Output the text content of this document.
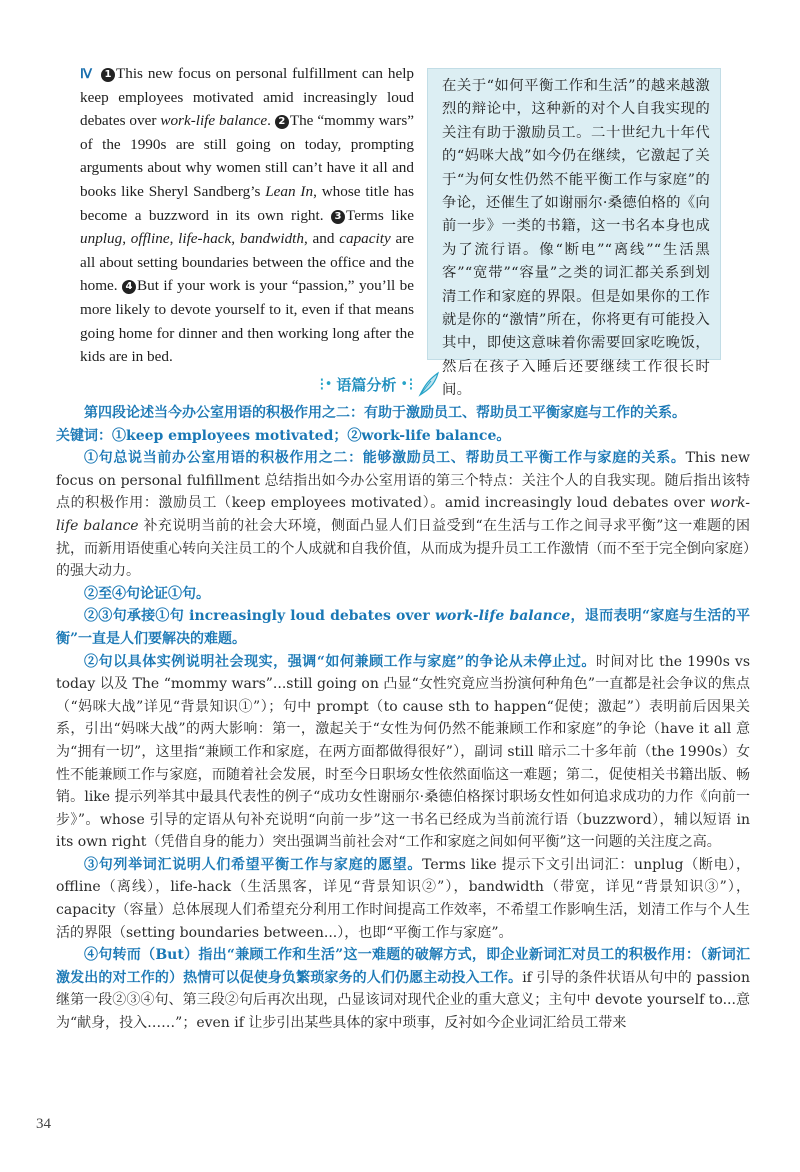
Ⅳ 1 This new focus on personal fulfillment can help keep employees motivated amid increasingly loud debates over work-life balance. 2 The “mommy wars” of the 1990s are still going on today, prompting arguments about why women still can’t have it all and books like Sheryl Sandberg’s Lean In, whose title has become a buzzword in its own right. 3 Terms like unplug, offline, life-hack, bandwidth, and capacity are all about setting boundaries between the office and the home. 4 But if your work is your “passion,” you’ll be more likely to devote yourself to it, even if that means going home for dinner and then working long after the kids are in bed.
在关于“如何平衡工作和生活”的越来越激烈的辩论中，这种新的对个人自我实现的关注有助于激励员工。二十世纪九十年代的“妈咪大战”如今仍在继续，它激起了关于“为何女性仍然不能平衡工作与家庭”的争论，还催生了如谢丽尔·桑德伯格的《向前一步》一类的书籍，这一书名本身也成为了流行语。像“断电”“离线”“生活黑客”“宽带”“容量”之类的词汇都关系到划清工作和家庭的界限。但是如果你的工作就是你的“激情”所在，你将更有可能投入其中，即使这意味着你需要回家吃晚饭，然后在孩子入睡后还要继续工作很长时间。
⁝ • 语篇分析 • ⁝

第四段论述当今办公室用语的积极作用之二：有助于激励员工、帮助员工平衡家庭与工作的关系。

关键词：①keep employees motivated；②work-life balance。

①句总说当前办公室用语的积极作用之二：能够激励员工、帮助员工平衡工作与家庭的关系。This new focus on personal fulfillment 总结指出如今办公室用语的第三个特点：关注个人的自我实现。随后指出该特点的积极作用：激励员工（keep employees motivated）。amid increasingly loud debates over work-life balance 补充说明当前的社会大环境，侧面凸显人们日益受到“在生活与工作之间寻求平衡”这一难题的困扰，而新用语使重心转向关注员工的个人成就和自我价值，从而成为提升员工工作激情（而不至于完全倒向家庭）的强大动力。

②至④句论证①句。

②③句承接①句 increasingly loud debates over work-life balance，退而表明“家庭与生活的平衡”一直是人们要解决的难题。

②句以具体实例说明社会现实，强调“如何兼顾工作与家庭”的争论从未停止过。时间对比 the 1990s vs today 以及 The “mommy wars”...still going on 凸显“女性究竟应当扮演何种角色”一直都是社会争议的焦点（“妈咪大战”详见“背景知识①”）；句中 prompt（to cause sth to happen“促使；激起”）表明前后因果关系，引出“妈咪大战”的两大影响：第一，激起关于“女性为何仍然不能兼顾工作和家庭”的争论（have it all 意为“拥有一切”，这里指“兼顾工作和家庭，在两方面都做得很好”），副词 still 暗示二十多年前（the 1990s）女性不能兼顾工作与家庭，而随着社会发展，时至今日职场女性依然面临这一难题；第二，促使相关书籍出版、畅销。like 提示列举其中最具代表性的例子“成功女性谢丽尔·桑德伯格探讨职场女性如何追求成功的力作《向前一步》”。whose 引导的定语从句补充说明“向前一步”这一书名已经成为当前流行语（buzzword），辅以短语 in its own right（凭借自身的能力）突出强调当前社会对“工作和家庭之间如何平衡”这一问题的关注度之高。

③句列举词汇说明人们希望平衡工作与家庭的愿望。Terms like 提示下文引出词汇：unplug（断电），offline（离线），life-hack（生活黑客，详见“背景知识②”），bandwidth（带宽，详见“背景知识③”），capacity（容量）总体展现人们希望充分利用工作时间提高工作效率，不希望工作影响生活，划清工作与个人生活的界限（setting boundaries between...），也即“平衡工作与家庭”。

④句转而（But）指出“兼顾工作和生活”这一难题的破解方式，即企业新词汇对员工的积极作用：（新词汇激发出的对工作的）热情可以促使身负繁琐家务的人们仍愿主动投入工作。if 引导的条件状语从句中的 passion 继第一段②③④句、第三段②句后再次出现，凸显该词对现代企业的重大意义；主句中 devote yourself to...意为“献身，投入……”；even if 让步引出某些具体的家中琐事，反衬如今企业词汇给员工带来

34
